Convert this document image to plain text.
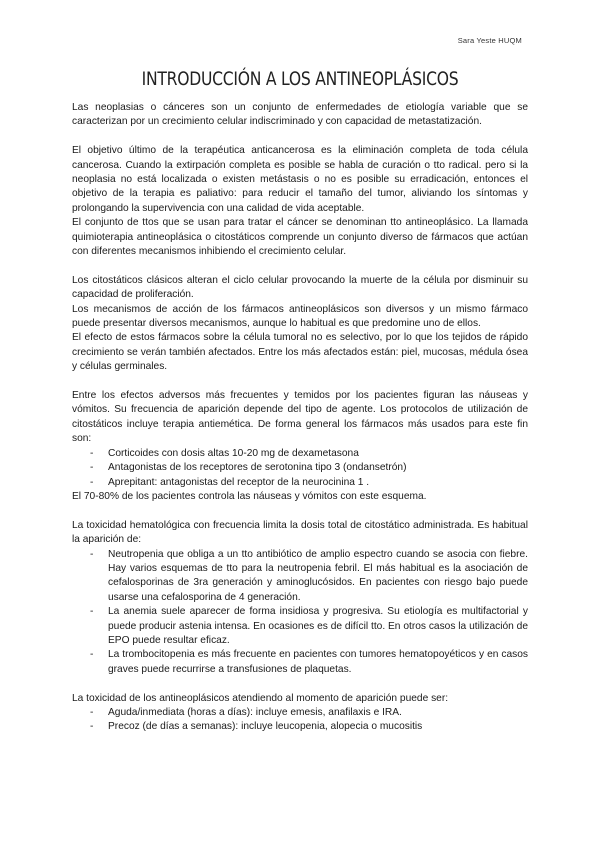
Sara Yeste HUQM
INTRODUCCIÓN A LOS ANTINEOPLÁSICOS

Las neoplasias o cánceres son un conjunto de enfermedades de etiología variable que se caracterizan por un crecimiento celular indiscriminado y con capacidad de metastatización.

El objetivo último de la terapéutica anticancerosa es la eliminación completa de toda célula cancerosa. Cuando la extirpación completa es posible se habla de curación o tto radical. pero si la neoplasia no está localizada o existen metástasis o no es posible su erradicación, entonces el objetivo de la terapia es paliativo: para reducir el tamaño del tumor, aliviando los síntomas y prolongando la supervivencia con una calidad de vida aceptable.

El conjunto de ttos que se usan para tratar el cáncer se denominan tto antineoplásico. La llamada quimioterapia antineoplásica o citostáticos comprende un conjunto diverso de fármacos que actúan con diferentes mecanismos inhibiendo el crecimiento celular.

Los citostáticos clásicos alteran el ciclo celular provocando la muerte de la célula por disminuir su capacidad de proliferación.

Los mecanismos de acción de los fármacos antineoplásicos son diversos y un mismo fármaco puede presentar diversos mecanismos, aunque lo habitual es que predomine uno de ellos.

El efecto de estos fármacos sobre la célula tumoral no es selectivo, por lo que los tejidos de rápido crecimiento se verán también afectados. Entre los más afectados están: piel, mucosas, médula ósea y células germinales.

Entre los efectos adversos más frecuentes y temidos por los pacientes figuran las náuseas y vómitos. Su frecuencia de aparición depende del tipo de agente. Los protocolos de utilización de citostáticos incluye terapia antiemética. De forma general los fármacos más usados para este fin son:

- Corticoides con dosis altas 10-20 mg de dexametasona
- Antagonistas de los receptores de serotonina tipo 3 (ondansetrón)
- Aprepitant: antagonistas del receptor de la neurocinina 1 .

El 70-80% de los pacientes controla las náuseas y vómitos con este esquema.

La toxicidad hematológica con frecuencia limita la dosis total de citostático administrada. Es habitual la aparición de:

- Neutropenia que obliga a un tto antibiótico de amplio espectro cuando se asocia con fiebre. Hay varios esquemas de tto para la neutropenia febril. El más habitual es la asociación de cefalosporinas de 3ra generación y aminoglucósidos. En pacientes con riesgo bajo puede usarse una cefalosporina de 4 generación.
- La anemia suele aparecer de forma insidiosa y progresiva. Su etiología es multifactorial y puede producir astenia intensa. En ocasiones es de difícil tto. En otros casos la utilización de EPO puede resultar eficaz.
- La trombocitopenia es más frecuente en pacientes con tumores hematopoyéticos y en casos graves puede recurrirse a transfusiones de plaquetas.

La toxicidad de los antineoplásicos atendiendo al momento de aparición puede ser:

- Aguda/inmediata (horas a días): incluye emesis, anafilaxis e IRA.
- Precoz (de días a semanas): incluye leucopenia, alopecia o mucositis
